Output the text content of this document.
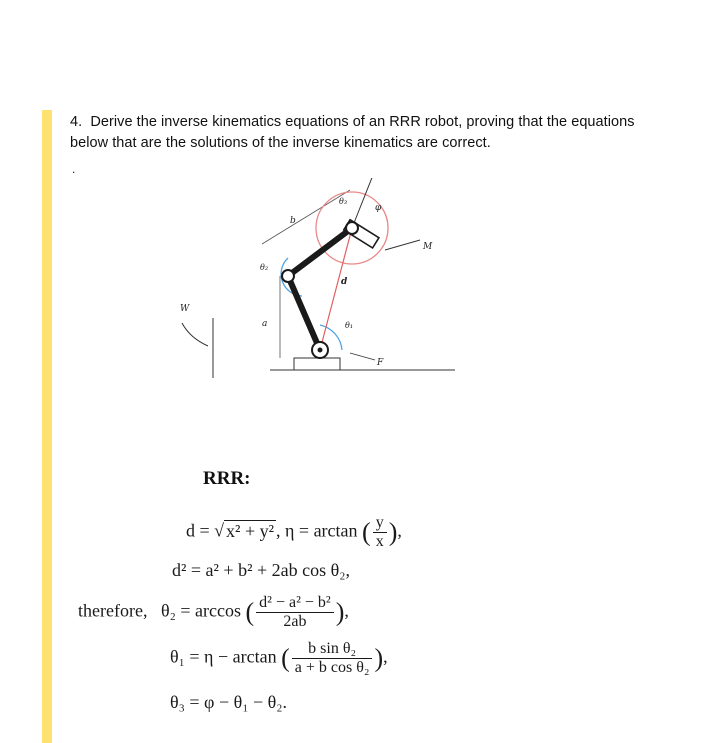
4. Derive the inverse kinematics equations of an RRR robot, proving that the equations below that are the solutions of the inverse kinematics are correct.
.
W
F
M
a
b
d
θ₁
θ₂
θ₃
φ
RRR:
d = √ x² + y² , η = arctan ( $\frac{y}{x}$ ),
d² = a² + b² + 2ab cos θ₂,
therefore, θ₂ = arccos ( $\frac{\text{d² − a² − b²}}{2ab}$ ),
θ₁ = η − arctan ( $\frac{\text{b sin θ₂}}{\text{a + b cos θ₂}}$ ),
θ₃ = φ − θ₁ − θ₂.
